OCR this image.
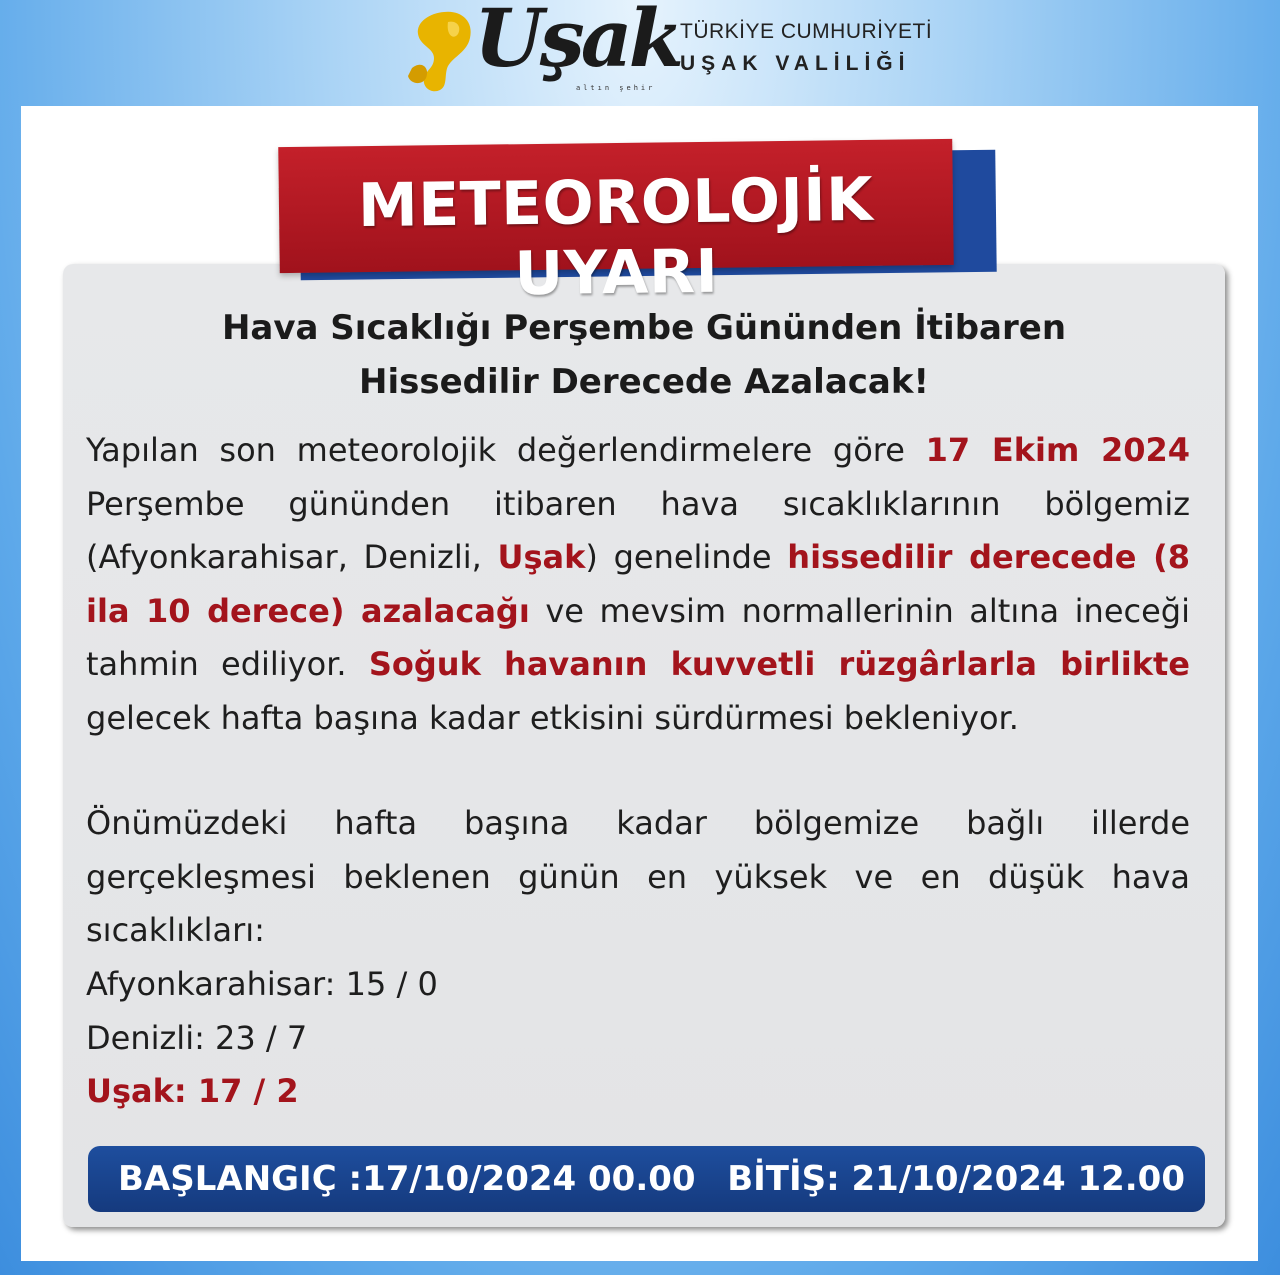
Uşak
altın şehir
TÜRKİYE CUMHURİYETİ
UŞAK VALİLİĞİ
METEOROLOJİK UYARI
Hava Sıcaklığı Perşembe Gününden İtibaren
Hissedilir Derecede Azalacak!

Yapılan son meteorolojik değerlendirmelere göre 17 Ekim 2024 Perşembe gününden itibaren hava sıcaklıklarının bölgemiz (Afyonkarahisar, Denizli, Uşak) genelinde hissedilir derecede (8 ila 10 derece) azalacağı ve mevsim normallerinin altına ineceği tahmin ediliyor. Soğuk havanın kuvvetli rüzgârlarla birlikte gelecek hafta başına kadar etkisini sürdürmesi bekleniyor.

Önümüzdeki hafta başına kadar bölgemize bağlı illerde gerçekleşmesi beklenen günün en yüksek ve en düşük hava sıcaklıkları:

Afyonkarahisar: 15 / 0
Denizli: 23 / 7
Uşak: 17 / 2
BAŞLANGIÇ :17/10/2024 00.00 BİTİŞ: 21/10/2024 12.00
